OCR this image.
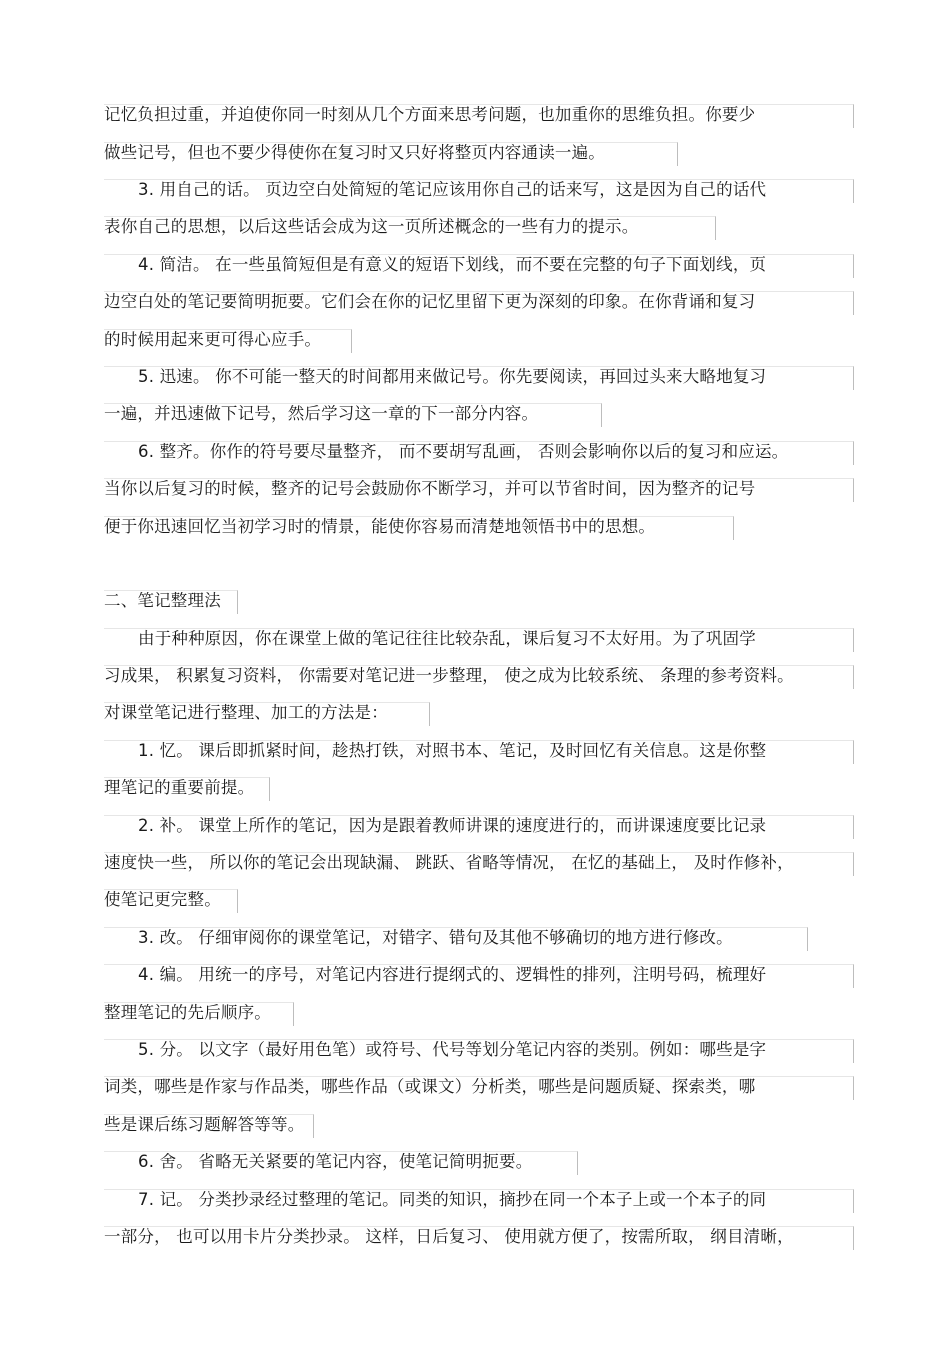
记忆负担过重，并迫使你同一时刻从几个方面来思考问题，也加重你的思维负担。你要少
做些记号，但也不要少得使你在复习时又只好将整页内容通读一遍。
3. 用自己的话。 页边空白处简短的笔记应该用你自己的话来写，这是因为自己的话代
表你自己的思想，以后这些话会成为这一页所述概念的一些有力的提示。
4. 简洁。 在一些虽简短但是有意义的短语下划线，而不要在完整的句子下面划线，页
边空白处的笔记要简明扼要。它们会在你的记忆里留下更为深刻的印象。在你背诵和复习
的时候用起来更可得心应手。
5. 迅速。 你不可能一整天的时间都用来做记号。你先要阅读，再回过头来大略地复习
一遍，并迅速做下记号，然后学习这一章的下一部分内容。
6. 整齐。你作的符号要尽量整齐， 而不要胡写乱画， 否则会影响你以后的复习和应运。
当你以后复习的时候，整齐的记号会鼓励你不断学习，并可以节省时间，因为整齐的记号
便于你迅速回忆当初学习时的情景，能使你容易而清楚地领悟书中的思想。
二、笔记整理法
由于种种原因，你在课堂上做的笔记往往比较杂乱，课后复习不太好用。为了巩固学
习成果， 积累复习资料， 你需要对笔记进一步整理， 使之成为比较系统、 条理的参考资料。
对课堂笔记进行整理、加工的方法是：
1. 忆。 课后即抓紧时间，趁热打铁，对照书本、笔记，及时回忆有关信息。这是你整
理笔记的重要前提。
2. 补。 课堂上所作的笔记，因为是跟着教师讲课的速度进行的，而讲课速度要比记录
速度快一些， 所以你的笔记会出现缺漏、 跳跃、省略等情况， 在忆的基础上， 及时作修补，
使笔记更完整。
3. 改。 仔细审阅你的课堂笔记，对错字、错句及其他不够确切的地方进行修改。
4. 编。 用统一的序号，对笔记内容进行提纲式的、逻辑性的排列，注明号码，梳理好
整理笔记的先后顺序。
5. 分。 以文字（最好用色笔）或符号、代号等划分笔记内容的类别。例如：哪些是字
词类，哪些是作家与作品类，哪些作品（或课文）分析类，哪些是问题质疑、探索类，哪
些是课后练习题解答等等。
6. 舍。 省略无关紧要的笔记内容，使笔记简明扼要。
7. 记。 分类抄录经过整理的笔记。同类的知识，摘抄在同一个本子上或一个本子的同
一部分， 也可以用卡片分类抄录。 这样，日后复习、 使用就方便了，按需所取， 纲目清晰，
